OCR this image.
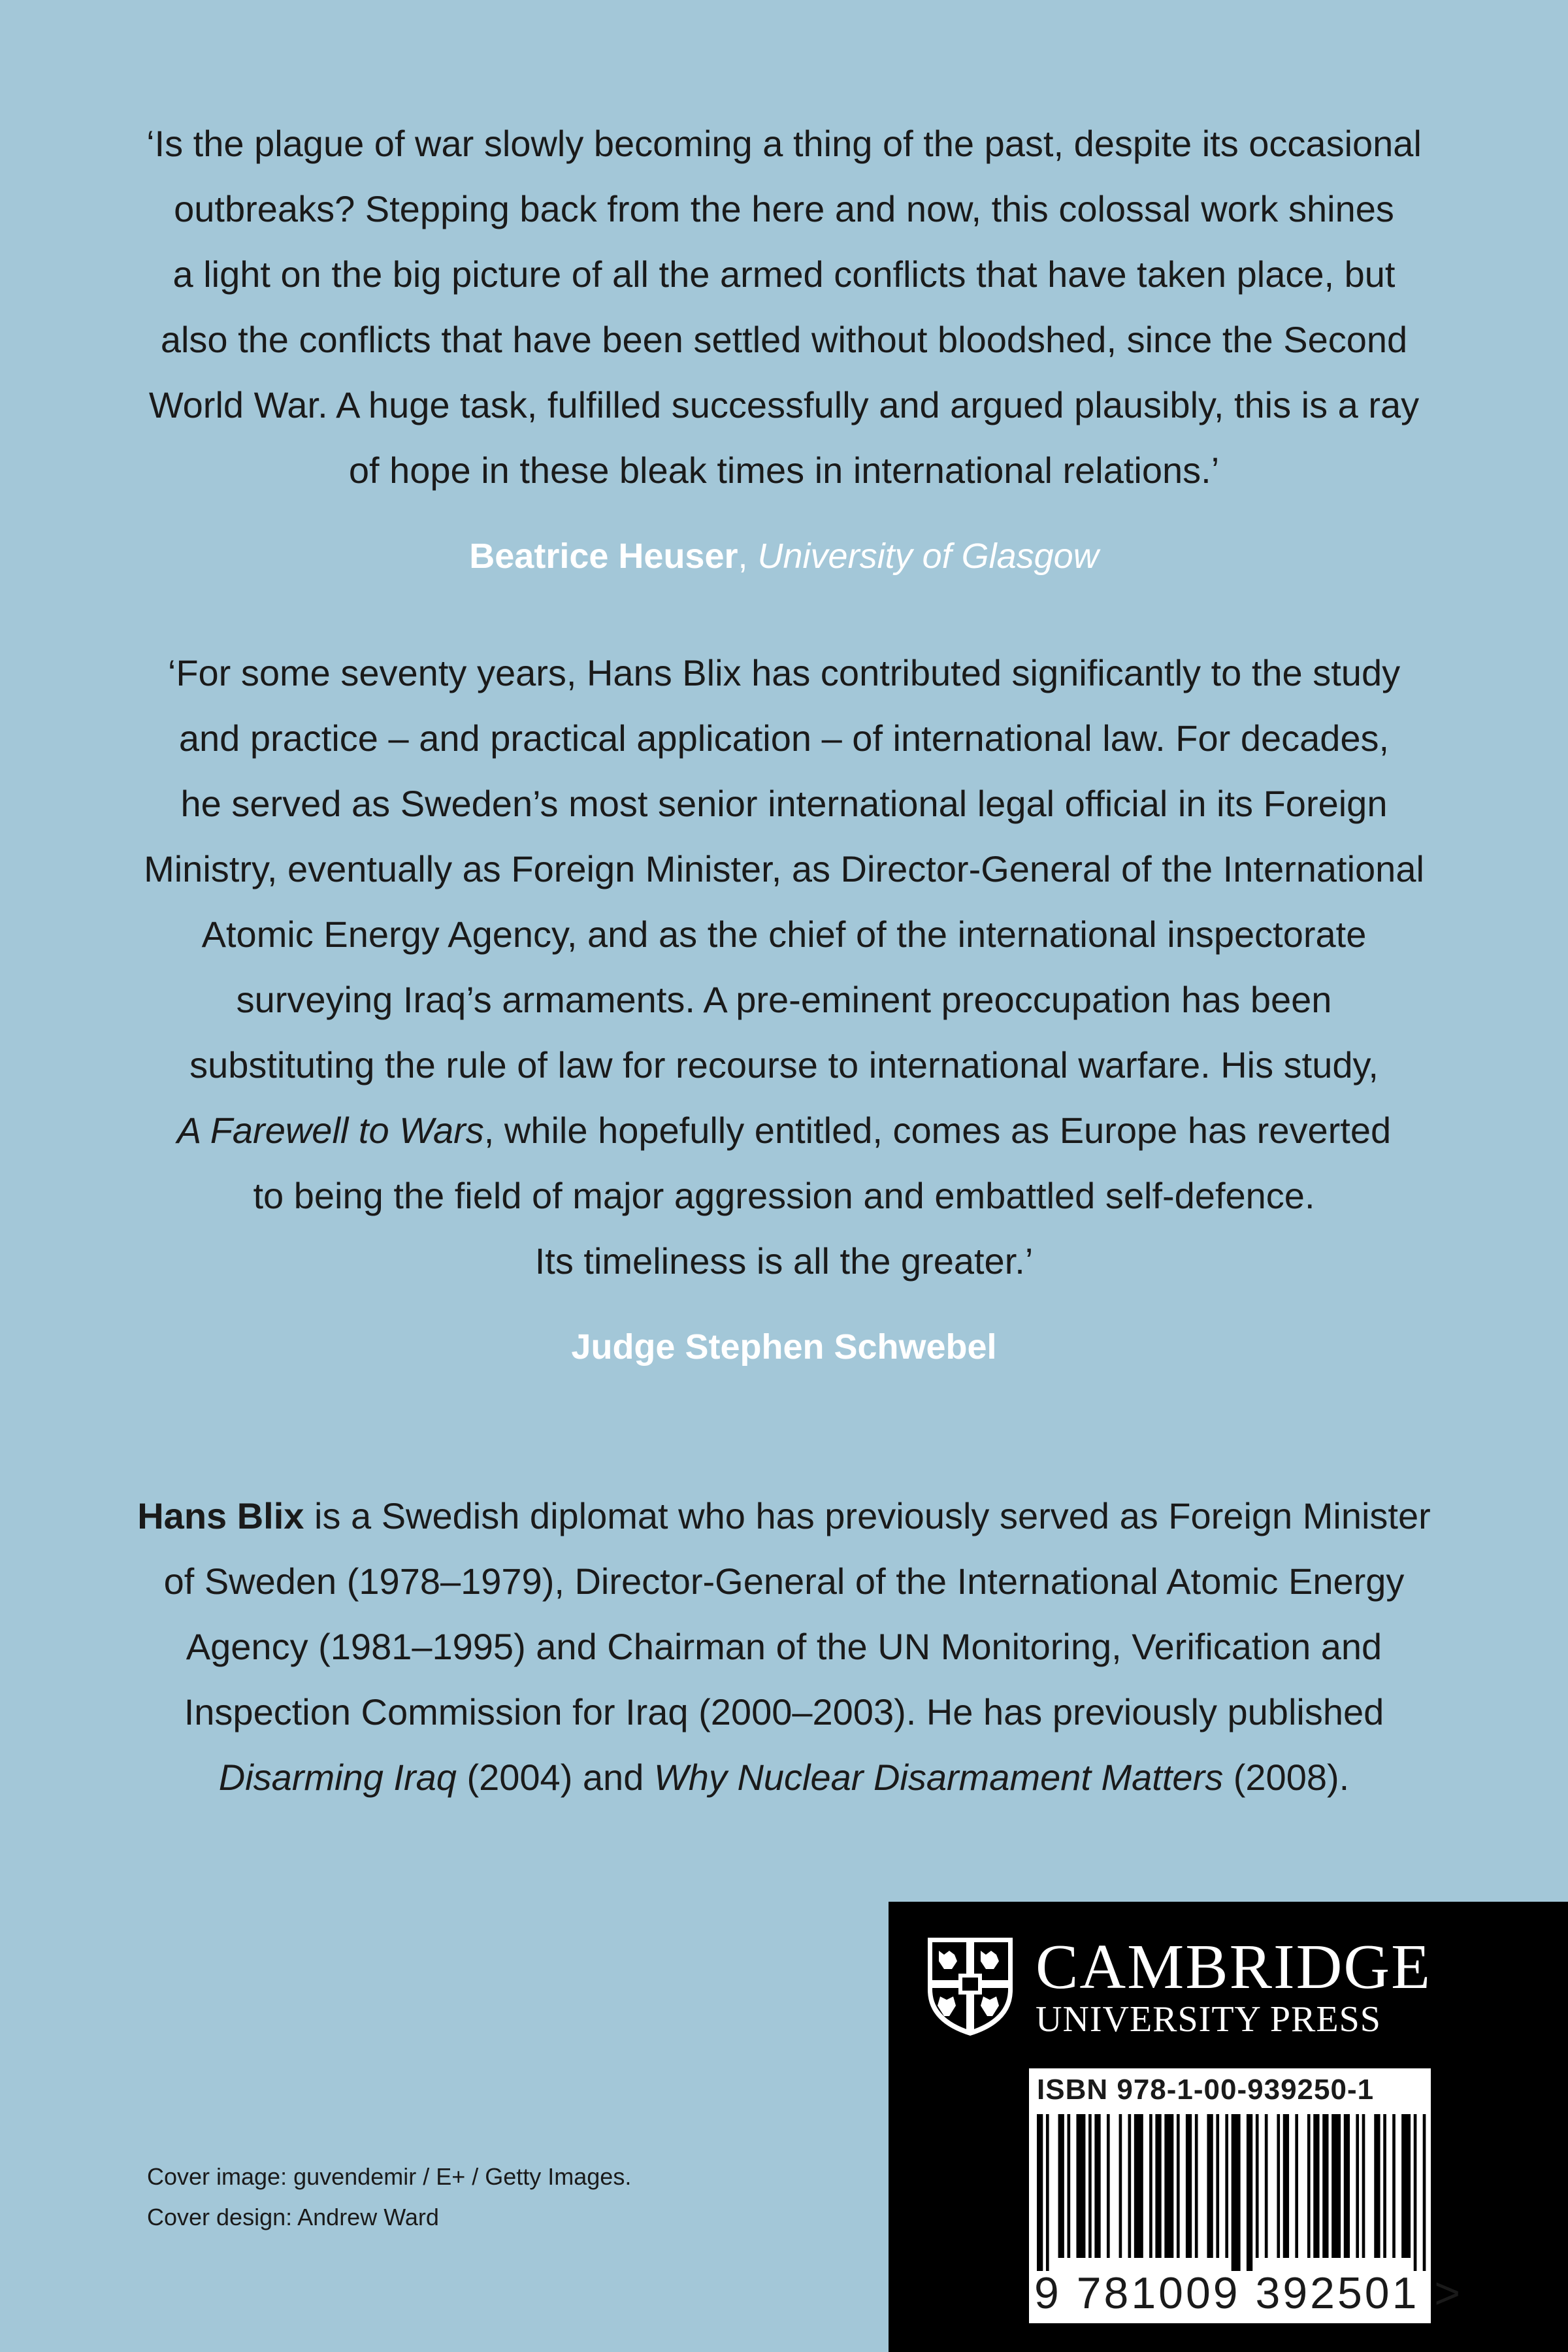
‘Is the plague of war slowly becoming a thing of the past, despite its occasional

outbreaks? Stepping back from the here and now, this colossal work shines

a light on the big picture of all the armed conflicts that have taken place, but

also the conflicts that have been settled without bloodshed, since the Second

World War. A huge task, fulfilled successfully and argued plausibly, this is a ray

of hope in these bleak times in international relations.’

Beatrice Heuser, University of Glasgow

‘For some seventy years, Hans Blix has contributed significantly to the study

and practice – and practical application – of international law. For decades,

he served as Sweden’s most senior international legal official in its Foreign

Ministry, eventually as Foreign Minister, as Director-General of the International

Atomic Energy Agency, and as the chief of the international inspectorate

surveying Iraq’s armaments. A pre-eminent preoccupation has been

substituting the rule of law for recourse to international warfare. His study,

A Farewell to Wars, while hopefully entitled, comes as Europe has reverted

to being the field of major aggression and embattled self-defence.

Its timeliness is all the greater.’

Judge Stephen Schwebel

Hans Blix is a Swedish diplomat who has previously served as Foreign Minister

of Sweden (1978–1979), Director-General of the International Atomic Energy

Agency (1981–1995) and Chairman of the UN Monitoring, Verification and

Inspection Commission for Iraq (2000–2003). He has previously published

Disarming Iraq (2004) and Why Nuclear Disarmament Matters (2008).

Cover image: guvendemir / E+ / Getty Images.
Cover design: Andrew Ward
CAMBRIDGE
UNIVERSITY PRESS
ISBN 978-1-00-939250-1
9 781009 392501 >
